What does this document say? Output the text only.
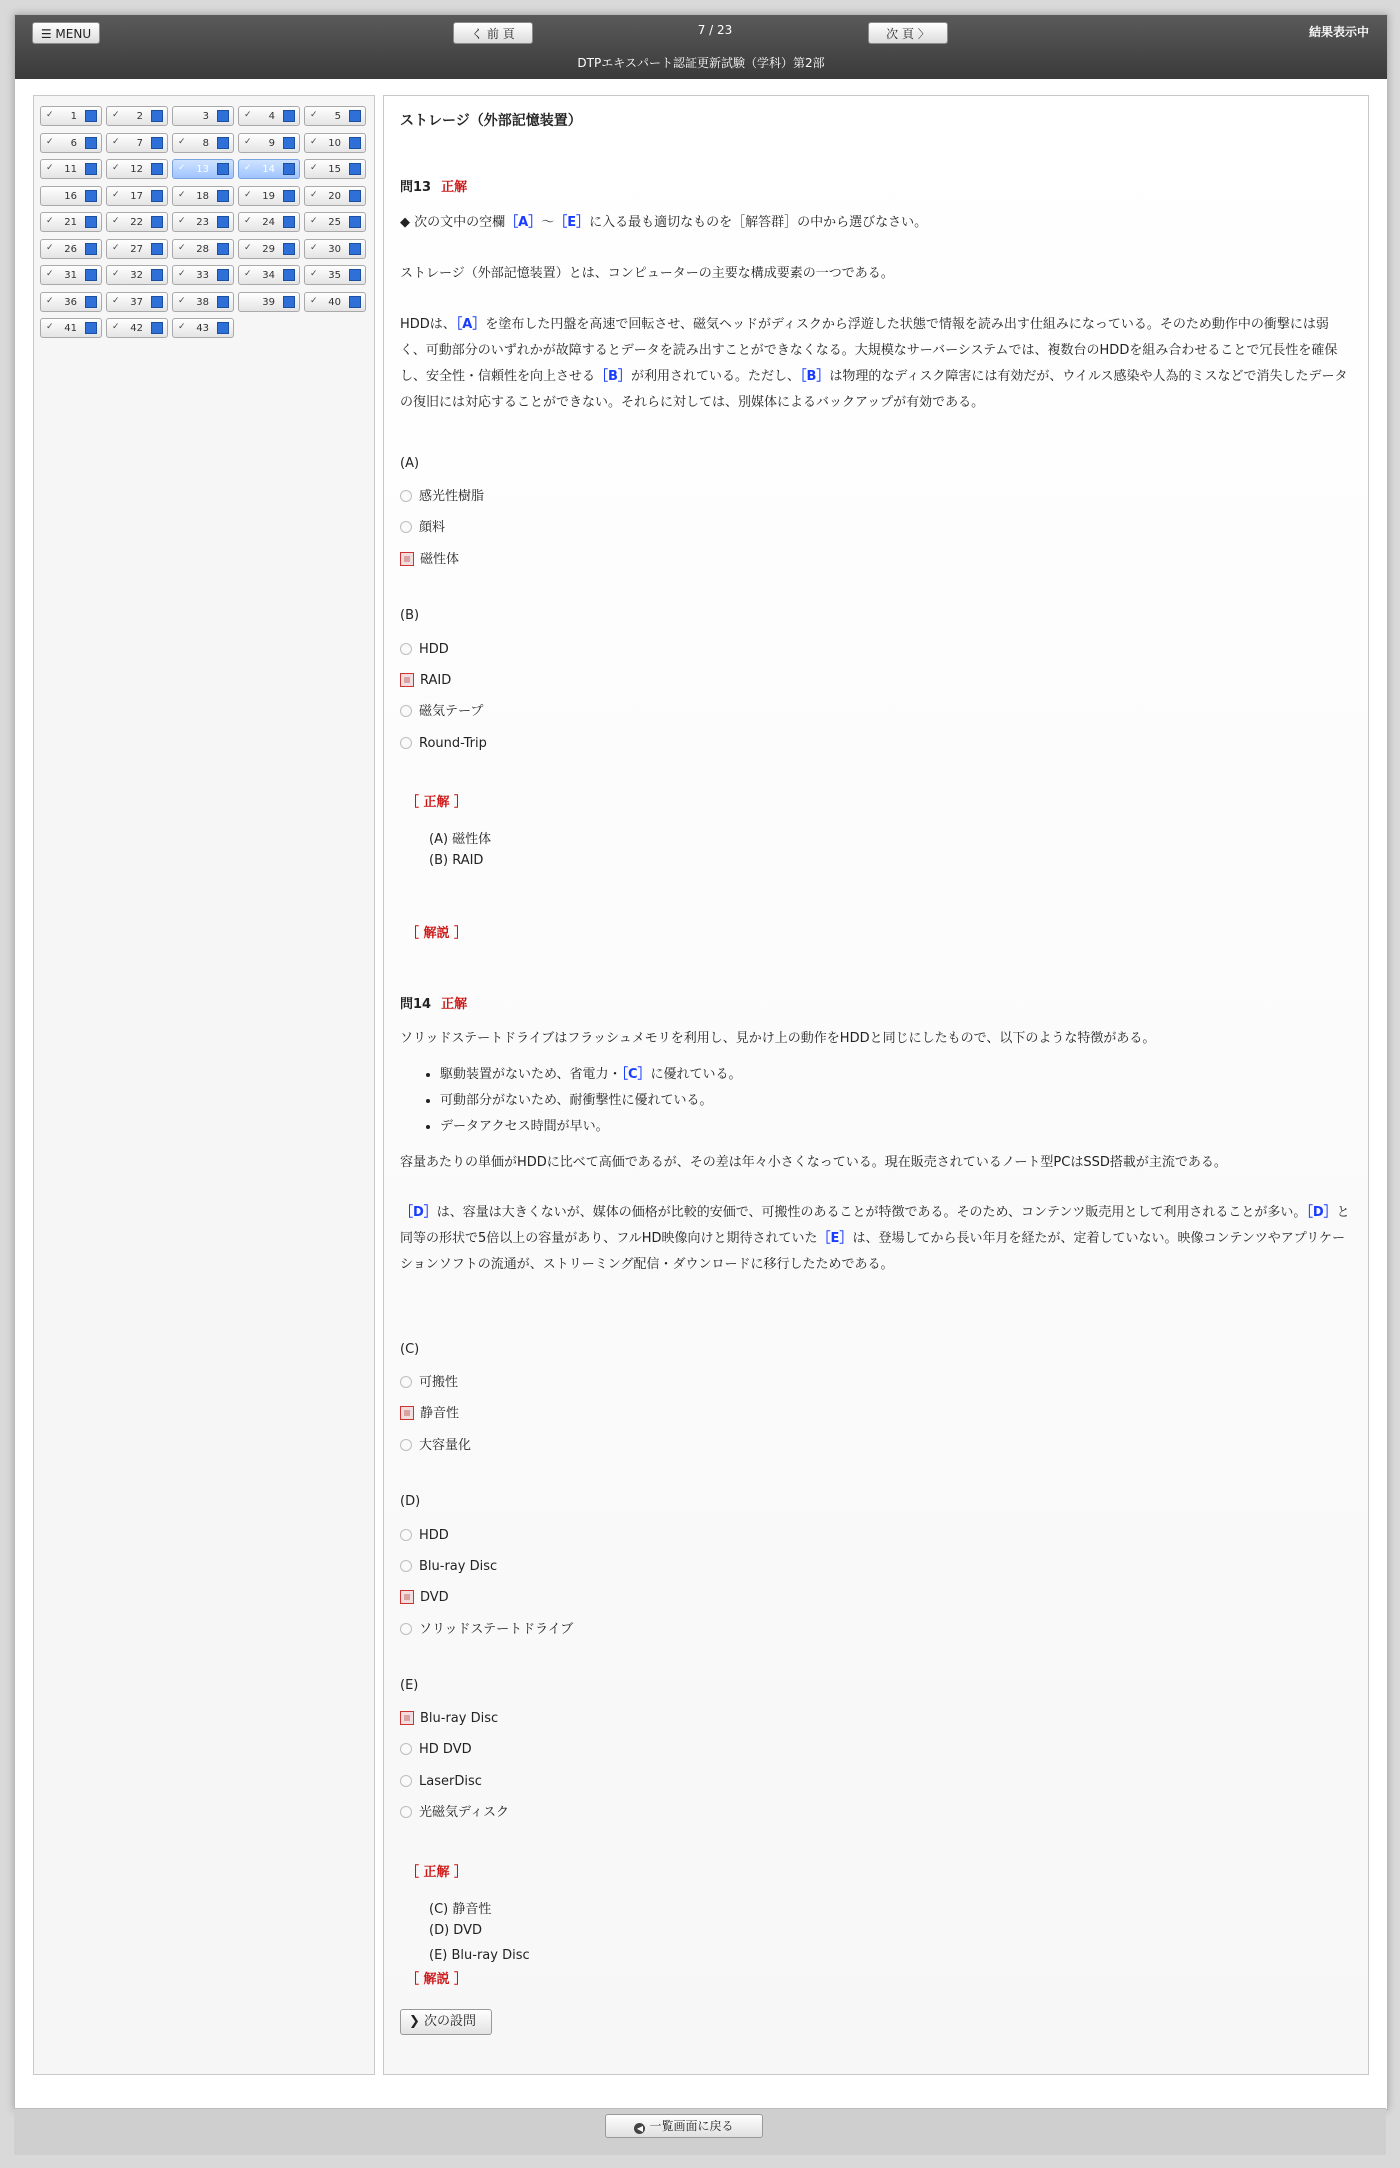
☰ MENU	く 前 頁	7 / 23	次 頁 〉	結果表示中
DTPエキスパート認証更新試験（学科）第2部
✓	1	✓	2	3	✓	4	✓	5
✓	6	✓	7	✓	8	✓	9	✓	10
✓	11	✓	12	✓	13	✓	14	✓	15
16	✓	17	✓	18	✓	19	✓	20
✓	21	✓	22	✓	23	✓	24	✓	25
✓	26	✓	27	✓	28	✓	29	✓	30
✓	31	✓	32	✓	33	✓	34	✓	35
✓	36	✓	37	✓	38	39	✓	40
✓	41	✓	42	✓	43
ストレージ（外部記憶装置）
問13 正解
◆ 次の文中の空欄［A］〜［E］に入る最も適切なものを［解答群］の中から選びなさい。
ストレージ（外部記憶装置）とは、コンピューターの主要な構成要素の一つである。
HDDは、［A］を塗布した円盤を高速で回転させ、磁気ヘッドがディスクから浮遊した状態で情報を読み出す仕組みになっている。そのため動作中の衝撃には弱く、可動部分のいずれかが故障するとデータを読み出すことができなくなる。大規模なサーバーシステムでは、複数台のHDDを組み合わせることで冗長性を確保し、安全性・信頼性を向上させる［B］が利用されている。ただし、［B］は物理的なディスク障害には有効だが、ウイルス感染や人為的ミスなどで消失したデータの復旧には対応することができない。それらに対しては、別媒体によるバックアップが有効である。
(A)
感光性樹脂
顔料
磁性体
(B)
HDD
RAID
磁気テープ
Round-Trip
［ 正解 ］
(A) 磁性体
(B) RAID
［ 解説 ］
問14 正解
ソリッドステートドライブはフラッシュメモリを利用し、見かけ上の動作をHDDと同じにしたもので、以下のような特徴がある。
• 駆動装置がないため、省電力・［C］に優れている。
• 可動部分がないため、耐衝撃性に優れている。
• データアクセス時間が早い。
容量あたりの単価がHDDに比べて高価であるが、その差は年々小さくなっている。現在販売されているノート型PCはSSD搭載が主流である。
［D］は、容量は大きくないが、媒体の価格が比較的安価で、可搬性のあることが特徴である。そのため、コンテンツ販売用として利用されることが多い。［D］と同等の形状で5倍以上の容量があり、フルHD映像向けと期待されていた［E］は、登場してから長い年月を経たが、定着していない。映像コンテンツやアプリケーションソフトの流通が、ストリーミング配信・ダウンロードに移行したためである。
(C)
可搬性
静音性
大容量化
(D)
HDD
Blu-ray Disc
DVD
ソリッドステートドライブ
(E)
Blu-ray Disc
HD DVD
LaserDisc
光磁気ディスク
［ 正解 ］
(C) 静音性
(D) DVD
(E) Blu-ray Disc
［ 解説 ］
❯ 次の設問
◀ 一覧画面に戻る
